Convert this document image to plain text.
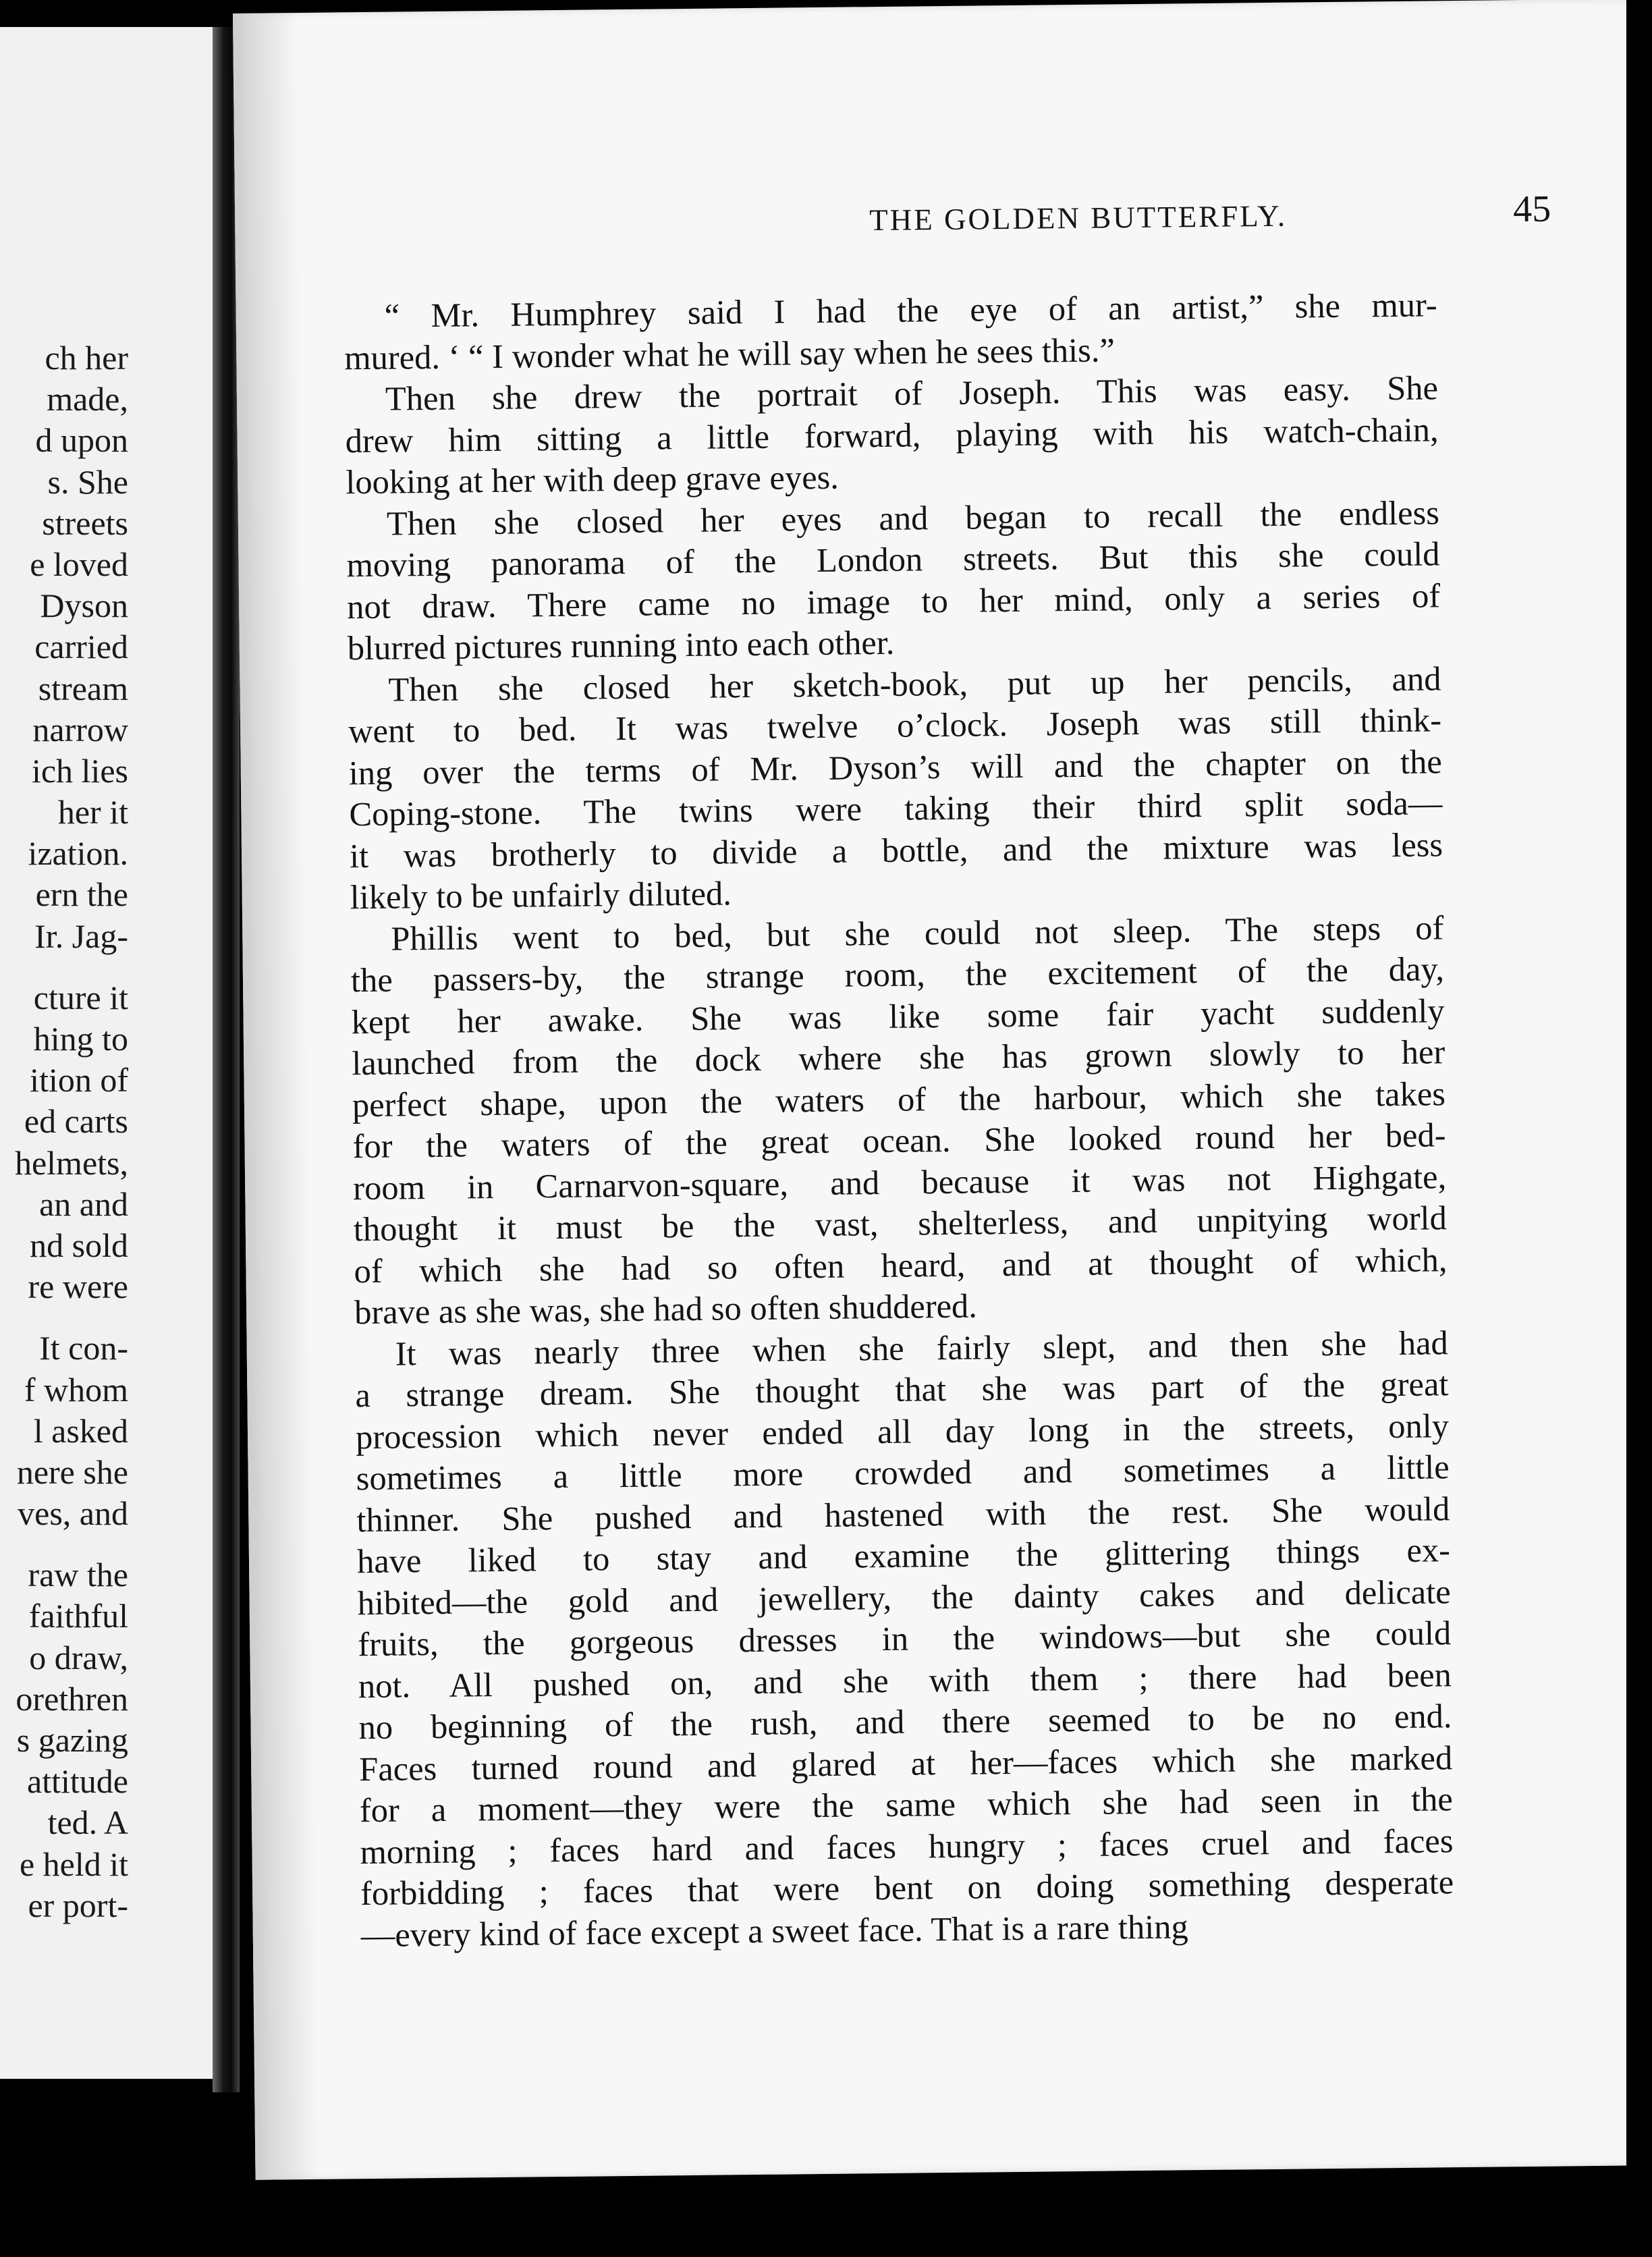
ch her
made,
d upon
s. She
streets
e loved
Dyson
carried
stream
narrow
ich lies
her it
ization.
ern the
Ir. Jag-
cture it
hing to
ition of
ed carts
helmets,
an and
nd sold
re were
It con-
f whom
l asked
nere she
ves, and
raw the
faithful
o draw,
orethren
s gazing
attitude
ted. A
e held it
er port-
THE GOLDEN BUTTERFLY.	45
“ Mr. Humphrey said I had the eye of an artist,” she mur-
mured. ‘ “ I wonder what he will say when he sees this.”
Then she drew the portrait of Joseph. This was easy. She
drew him sitting a little forward, playing with his watch-chain,
looking at her with deep grave eyes.
Then she closed her eyes and began to recall the endless
moving panorama of the London streets. But this she could
not draw. There came no image to her mind, only a series of
blurred pictures running into each other.
Then she closed her sketch-book, put up her pencils, and
went to bed. It was twelve o’clock. Joseph was still think-
ing over the terms of Mr. Dyson’s will and the chapter on the
Coping-stone. The twins were taking their third split soda—
it was brotherly to divide a bottle, and the mixture was less
likely to be unfairly diluted.
Phillis went to bed, but she could not sleep. The steps of
the passers-by, the strange room, the excitement of the day,
kept her awake. She was like some fair yacht suddenly
launched from the dock where she has grown slowly to her
perfect shape, upon the waters of the harbour, which she takes
for the waters of the great ocean. She looked round her bed-
room in Carnarvon-square, and because it was not Highgate,
thought it must be the vast, shelterless, and unpitying world
of which she had so often heard, and at thought of which,
brave as she was, she had so often shuddered.
It was nearly three when she fairly slept, and then she had
a strange dream. She thought that she was part of the great
procession which never ended all day long in the streets, only
sometimes a little more crowded and sometimes a little
thinner. She pushed and hastened with the rest. She would
have liked to stay and examine the glittering things ex-
hibited—the gold and jewellery, the dainty cakes and delicate
fruits, the gorgeous dresses in the windows—but she could
not. All pushed on, and she with them ; there had been
no beginning of the rush, and there seemed to be no end.
Faces turned round and glared at her—faces which she marked
for a moment—they were the same which she had seen in the
morning ; faces hard and faces hungry ; faces cruel and faces
forbidding ; faces that were bent on doing something desperate
—every kind of face except a sweet face. That is a rare thing
